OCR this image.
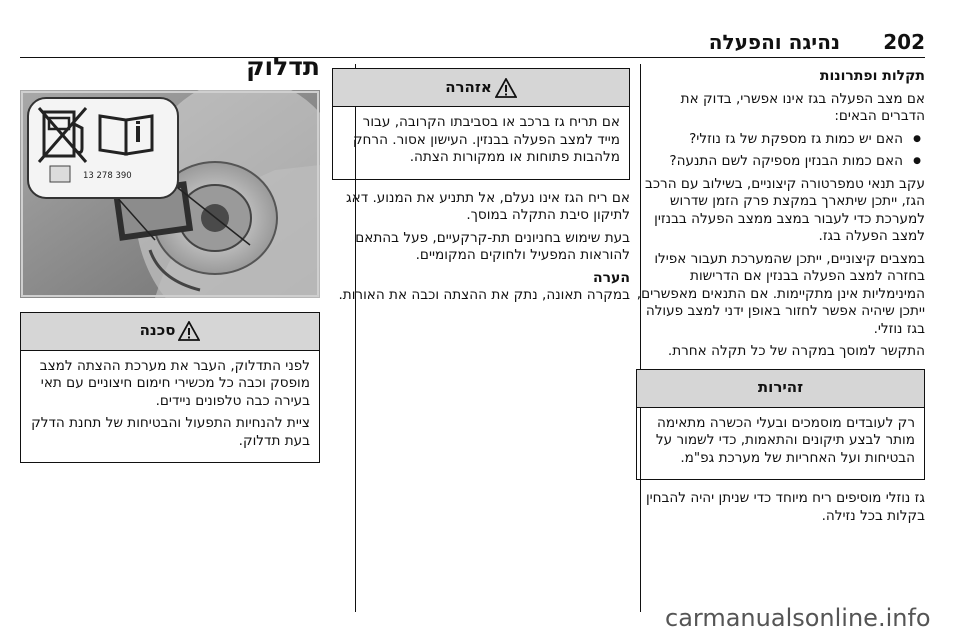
נהיגה והפעלה 202

תקלות ופתרונות

אם מצב הפעלה בגז אינו אפשרי, בדוק את הדברים הבאים:

● האם יש כמות גז מספקת של גז נוזלי?

● האם כמות הבנזין מספיקה לשם התנעה?

עקב תנאי טמפרטורה קיצוניים, בשילוב עם הרכב הגז, ייתכן שיתארך במקצת פרק הזמן שדרוש למערכת כדי לעבור במצב ממצב הפעלה בבנזין למצב הפעלה בגז.

במצבים קיצוניים, ייתכן שהמערכת תעבור אפילו בחזרה למצב הפעלה בבנזין אם הדרישות המינימליות אינן מתקיימות. אם התנאים מאפשרים, ייתכן שיהיה אפשר לחזור באופן ידני למצב פעולה בגז נוזלי.

התקשר למוסך במקרה של כל תקלה אחרת.

זהירות

רק לעובדים מוסמכים ובעלי הכשרה מתאימה מותר לבצע תיקונים והתאמות, כדי לשמור על הבטיחות ועל האחריות של מערכת גפ"מ.

גז נוזלי מוסיפים ריח מיוחד כדי שניתן יהיה להבחין בקלות בכל נזילה.

אזהרה

אם תריח גז ברכב או בסביבתו הקרובה, עבור מייד למצב הפעלה בבנזין. העישון אסור. הרחק מלהבות פתוחות או ממקורות הצתה.

אם ריח הגז אינו נעלם, אל תתניע את המנוע. דאג לתיקון סיבת התקלה במוסך.

בעת שימוש בחניונים תת-קרקעיים, פעל בהתאם להוראות המפעיל ולחוקים המקומיים.

הערה

במקרה תאונה, נתק את ההצתה וכבה את האורות.

תדלוק
13 278 390
סכנה

לפני התדלוק, העבר את מערכת ההצתה למצב מופסק וכבה כל מכשירי חימום חיצוניים עם תאי בעירה כבה טלפונים ניידים.

ציית להנחיות התפעול והבטיחות של תחנת הדלק בעת תדלוק.

carmanualsonline.info
